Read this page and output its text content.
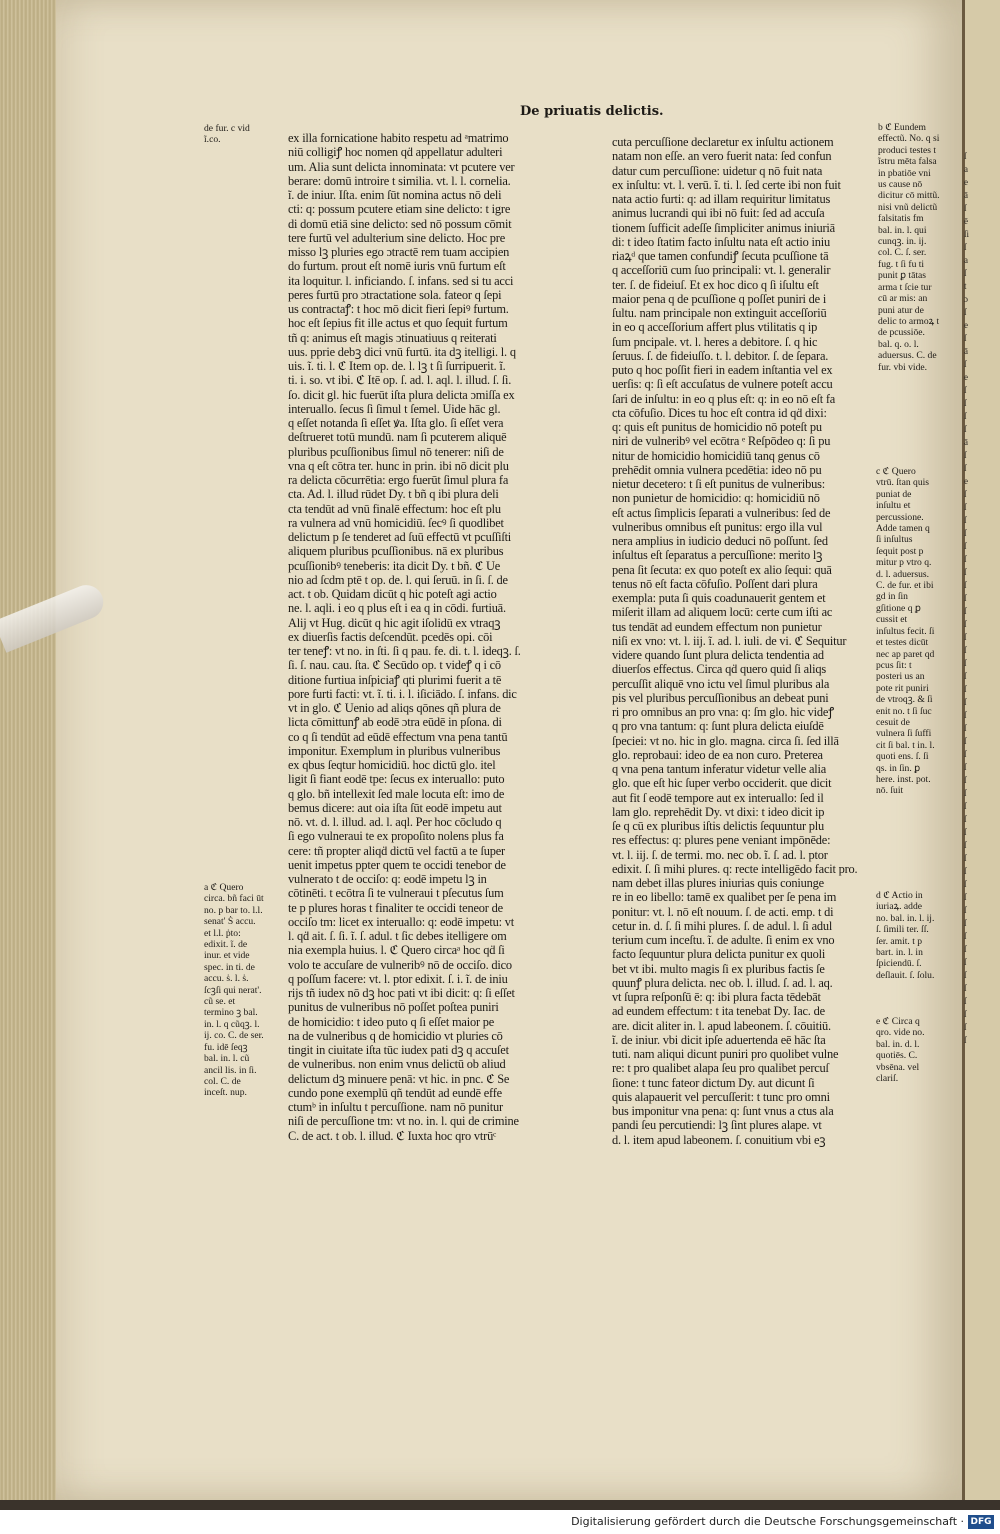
De priuatis delictis.
de fur. c vid ĩ.co.
a ℭ Quero circa. bñ faci ūt no. p bar to. l.l. senat' Ṡ accu. et l.l. ṗto: edixit. ĩ. de inur. et vide spec. in ti. de accu. ṡ. l. ṡ. ſcꝫſi qui nerat'. cũ se. et termino ꝫ bal. in. l. q cũqꝫ. l. ij. co. C. de ser. fu. idē ſeqꝫ bal. in. l. cũ ancil lis. in ſi. col. C. de inceſt. nup.
b ℭ Eundem effectũ. No. q si produci testes t ĩstru mēta falsa in pbatiōe vni us cause nō dicitur cō mittũ. nisi vnũ delictũ falsitatis fm bal. in. l. qui cunqꝫ. in. ij. col. C. ſ. ser. fug. t ſi fu ti punit ꝑ tātas arma t ſcie tur cū ar mis: an puni atur de delic to armoꝝ t de pcussiōe. bal. q. o. l. aduersus. C. de fur. vbi vide.
c ℭ Quero vtrū. ſtan quis puniat de inſultu et percussione. Adde tamen q ſi inſultus ſequit post p mitur p vtro q. d. l. aduersus. C. de fur. et ibi gd in ſin gſitione q ꝑ cussit et inſultus fecit. ſi et testes dicūt nec ap paret qd pcus ſit: t posteri us an pote rit puniri de vtroqꝫ. & ſi enit no. t ſi ſuc cesuit de vulnera ſi ſuffi cit ſi bal. t in. l. quoti ens. ſ. ſi qs. in ſin. ꝑ here. inst. pot. nō. ſuit
d ℭ Actio in iuriaꝝ. adde no. bal. in. l. ij. ſ. ſimili ter. ſſ. ſer. amit. t p bart. in. l. in ſpiciendū. ſ. deſlauit. ſ. ſolu.
e ℭ Circa q qro. vide no. bal. in. d. l. quotiēs. C. vbsēna. vel clariſ.
ex illa fornicatione habito respetu ad ᵃmatrimo
niū colligiꝭ hoc nomen qḋ appellatur adulteri
um. Alia sunt delicta innominata: vt pcutere ver
berare: domū introire t similia. vt. l. l. cornelia.
ĩ. de iniur. Iſta. enim ſūt nomina actus nō deli
cti: q: possum pcutere etiam sine delicto: t igre
di domū etiā sine delicto: sed nō possum cōmit
tere furtū vel adulterium sine delicto. Hoc pre
misso lꝫ pluries ego ɔtractē rem tuam accipien
do furtum. prout eſt nomē iuris vnū furtum eſt
ita loquitur. l. inficiando. ſ. infans. sed si tu acci
peres furtū pro ɔtractatione sola. fateor q ſepi
us contractaꝭ: t hoc mō dicit fieri ſepiꝰ furtum.
hoc eſt ſepius fit ille actus et quo ſequit furtum
tñ q: animus eſt magis ɔtinuatiuus q reiterati
uus. pprie debꝫ dici vnū furtū. ita dꝫ itelligi. l. q
uis. ĩ. ti. l. ℭ Item op. de. l. lꝫ t ſi ſurripuerit. ĩ.
ti. i. so. vt ibi. ℭ Itē op. ſ. ad. l. aql. l. illud. ſ. ſi.
ſo. dicit gl. hic fuerūt iſta plura delicta ɔmiſſa ex
interuallo. ſecus ſi ſimul t ſemel. Uide hāc gl.
q eſſet notanda ſi eſſet ꝟa. Iſta glo. ſi eſſet vera
deſtrueret totū mundū. nam ſi pcuterem aliquē
pluribus pcuſſionibus ſimul nō tenerer: niſi de
vna q eſt cōtra ter. hunc in prin. ibi nō dicit plu
ra delicta cōcurrētia: ergo fuerūt ſimul plura fa
cta. Ad. l. illud rūdet Dy. t bñ q ibi plura deli
cta tendūt ad vnū finalē effectum: hoc eſt plu
ra vulnera ad vnū homicidiū. ſecꝰ ſi quodlibet
delictum p ſe tenderet ad ſuū effectū vt pcuſſiſti
aliquem pluribus pcuſſionibus. nā ex pluribus
pcuſſionibꝰ teneberis: ita dicit Dy. t bñ. ℭ Ue
nio ad ſcdm ptē t op. de. l. qui ſeruū. in ſi. ſ. de
act. t ob. Quidam dicūt q hic poteſt agi actio
ne. l. aqli. i eo q plus eſt i ea q in cōdi. furtiuā.
Alij vt Hug. dicūt q hic agit iſolidū ex vtraqꝫ
ex diuerſis factis deſcendūt. pcedēs opi. cōi
ter teneꝭ: vt no. in ſti. ſi q pau. fe. di. t. l. ideqꝫ. ſ.
ſi. ſ. nau. cau. ſta. ℭ Secūdo op. t videꝭ q i cō
ditione furtiua inſpiciaꝭ qti plurimi fuerit a tē
pore furti facti: vt. ĩ. ti. i. l. iſiciādo. ſ. infans. dic
vt in glo. ℭ Uenio ad aliqs qōnes qñ plura de
licta cōmittunꝭ ab eodē ɔtra eūdē in pſona. di
co q ſi tendūt ad eūdē effectum vna pena tantū
imponitur. Exemplum in pluribus vulneribus
ex qbus ſeqtur homicidiū. hoc dictū glo. itel
ligit ſi fiant eodē tpe: ſecus ex interuallo: puto
q glo. bñ intellexit ſed male locuta eſt: imo de
bemus dicere: aut oia iſta ſūt eodē impetu aut
nō. vt. d. l. illud. ad. l. aql. Per hoc cōcludo q
ſi ego vulneraui te ex propoſito nolens plus fa
cere: tñ propter aliqḋ dictū vel factū a te ſuper
uenit impetus ppter quem te occidi tenebor de
vulnerato t de occiſo: q: eodē impetu lꝫ in
cōtinēti. t ecōtra ſi te vulneraui t pſecutus ſum
te p plures horas t finaliter te occidi teneor de
occiſo tm: licet ex interuallo: q: eodē impetu: vt
l. qḋ ait. ſ. ſi. ĩ. ſ. adul. t ſic debes itelligere om
nia exempla huius. l. ℭ Quero circaᵃ hoc qḋ ſi
volo te accuſare de vulneribꝰ nō de occiſo. dico
q poſſum facere: vt. l. ptor edixit. ſ. i. ĩ. de iniu
rijs tñ iudex nō dꝫ hoc pati vt ibi dicit: q: ſi eſſet
punitus de vulneribus nō poſſet poſtea puniri
de homicidio: t ideo puto q ſi eſſet maior pe
na de vulneribus q de homicidio vt pluries cō
tingit in ciuitate iſta tūc iudex pati dꝫ q accuſet
de vulneribus. non enim vnus delictū ob aliud
delictum dꝫ minuere penā: vt hic. in pnc. ℭ Se
cundo pone exemplū qñ tendūt ad eundē effe
ctumᵇ in inſultu t percuſſione. nam nō punitur
niſi de percuſſione tm: vt no. in. l. qui de crimine
C. de act. t ob. l. illud. ℭ Iuxta hoc qro vtrūᶜ
cuta percuſſione declaretur ex inſultu actionem
natam non eſſe. an vero fuerit nata: ſed confun
datur cum percuſſione: uidetur q nō fuit nata
ex inſultu: vt. l. verū. ĩ. ti. l. ſed certe ibi non fuit
nata actio furti: q: ad illam requiritur limitatus
animus lucrandi qui ibi nō fuit: ſed ad accuſa
tionem ſufficit adeſſe ſimpliciter animus iniuriā
di: t ideo ſtatim facto inſultu nata eſt actio iniu
riaꝝᵈ que tamen confundiꝭ ſecuta pcuſſione tā
q acceſſoriū cum ſuo principali: vt. l. generalir
ter. ſ. de fideiuſ. Et ex hoc dico q ſi iſultu eſt
maior pena q de pcuſſione q poſſet puniri de i
ſultu. nam principale non extinguit acceſſoriū
in eo q acceſſorium affert plus vtilitatis q ip
ſum pncipale. vt. l. heres a debitore. ſ. q hic
ſeruus. ſ. de fideiuſſo. t. l. debitor. ſ. de ſepara.
puto q hoc poſſit fieri in eadem inſtantia vel ex
uerſis: q: ſi eſt accuſatus de vulnere poteſt accu
ſari de inſultu: in eo q plus eſt: q: in eo nō eſt fa
cta cōfuſio. Dices tu hoc eſt contra id qḋ dixi:
q: quis eſt punitus de homicidio nō poteſt pu
niri de vulneribꝰ vel ecōtra ᵉ Reſpōdeo q: ſi pu
nitur de homicidio homicidiū tanq genus cō
prehēdit omnia vulnera pcedētia: ideo nō pu
nietur decetero: t ſi eſt punitus de vulneribus:
non punietur de homicidio: q: homicidiū nō
eſt actus ſimplicis ſeparati a vulneribus: ſed de
vulneribus omnibus eſt punitus: ergo illa vul
nera amplius in iudicio deduci nō poſſunt. ſed
inſultus eſt ſeparatus a percuſſione: merito lꝫ
pena ſit ſecuta: ex quo poteſt ex alio ſequi: quā
tenus nō eſt facta cōfuſio. Poſſent dari plura
exempla: puta ſi quis coadunauerit gentem et
miſerit illam ad aliquem locū: certe cum iſti ac
tus tendāt ad eundem effectum non punietur
niſi ex vno: vt. l. iij. ĩ. ad. l. iuli. de vi. ℭ Sequitur
videre quando ſunt plura delicta tendentia ad
diuerſos effectus. Circa qḋ quero quid ſi aliqs
percuſſit aliquē vno ictu vel ſimul pluribus ala
pis vel pluribus percuſſionibus an debeat puni
ri pro omnibus an pro vna: q: ſm glo. hic videꝭ
q pro vna tantum: q: ſunt plura delicta eiuſdē
ſpeciei: vt no. hic in glo. magna. circa ſi. ſed illā
glo. reprobaui: ideo de ea non curo. Preterea
q vna pena tantum inferatur videtur velle alia
glo. que eſt hic ſuper verbo occiderit. que dicit
aut fit ſ eodē tempore aut ex interuallo: ſed il
lam glo. reprehēdit Dy. vt dixi: t ideo dicit ip
ſe q cū ex pluribus iſtis delictis ſequuntur plu
res effectus: q: plures pene veniant impōnēde:
vt. l. iij. ſ. de termi. mo. nec ob. ĩ. ſ. ad. l. ptor
edixit. ſ. ſi mihi plures. q: recte intelligēdo facit pro.
nam debet illas plures iniurias quis coniunge
re in eo libello: tamē ex qualibet per ſe pena im
ponitur: vt. l. nō eſt nouum. ſ. de acti. emp. t di
cetur in. d. ſ. ſi mihi plures. ſ. de adul. l. ſi adul
terium cum inceſtu. ĩ. de adulte. ſi enim ex vno
facto ſequuntur plura delicta punitur ex quoli
bet vt ibi. multo magis ſi ex pluribus factis ſe
quunꝭ plura delicta. nec ob. l. illud. ſ. ad. l. aq.
vt ſupra reſponſū ē: q: ibi plura facta tēdebāt
ad eundem effectum: t ita tenebat Dy. Iac. de
are. dicit aliter in. l. apud labeonem. ſ. cōuitiū.
ĩ. de iniur. vbi dicit ipſe aduertenda eē hāc ſta
tuti. nam aliqui dicunt puniri pro quolibet vulne
re: t pro qualibet alapa ſeu pro qualibet percuſ
ſione: t tunc fateor dictum Dy. aut dicunt ſi
quis alapauerit vel percuſſerit: t tunc pro omni
bus imponitur vna pena: q: ſunt vnus a ctus ala
pandi ſeu percutiendi: lꝫ ſint plures alape. vt
d. l. item apud labeonem. ſ. conuitium vbi eꝫ
ſ
a
e
ā
ſ
ē
ſi
ſ
a
ſ
t
ɔ
ſ
e
ſ
ā
ſ
e
ſ
ſ
ſ
ſ
ā
ſ
ſ
e
ſ
ſ
ſ
ſ
ſ
ſ
ſ
ſ
ſ
ſ
ſ
ſ
ſ
ſ
ſ
ſ
ſ
ſ
ſ
ſ
ſ
ſ
ſ
ſ
ſ
ſ
ſ
ſ
ſ
ſ
ſ
ſ
ſ
ſ
ſ
ſ
ſ
ſ
ſ
ſ
ſ
ſ
ſ
Digitalisierung gefördert durch die Deutsche Forschungsgemeinschaft · DFG
